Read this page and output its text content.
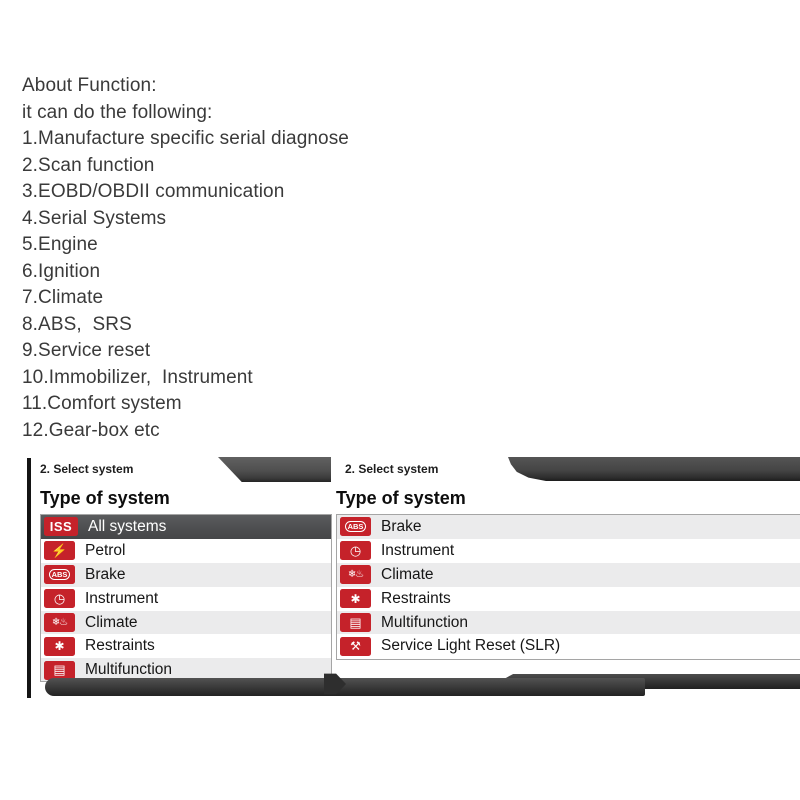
About Function:
it can do the following:
1.Manufacture specific serial diagnose
2.Scan function
3.EOBD/OBDII communication
4.Serial Systems
5.Engine
6.Ignition
7.Climate
8.ABS,  SRS
9.Service reset
10.Immobilizer,  Instrument
11.Comfort system
12.Gear-box etc
2. Select system
Type of system
ISS	All systems
⚡	Petrol
ABS Brake
◷	Instrument
❄♨	Climate
✱	Restraints
▤	Multifunction
2. Select system
Type of system
ABS Brake
◷	Instrument
❄♨	Climate
✱	Restraints
▤	Multifunction
⚒	Service Light Reset (SLR)
